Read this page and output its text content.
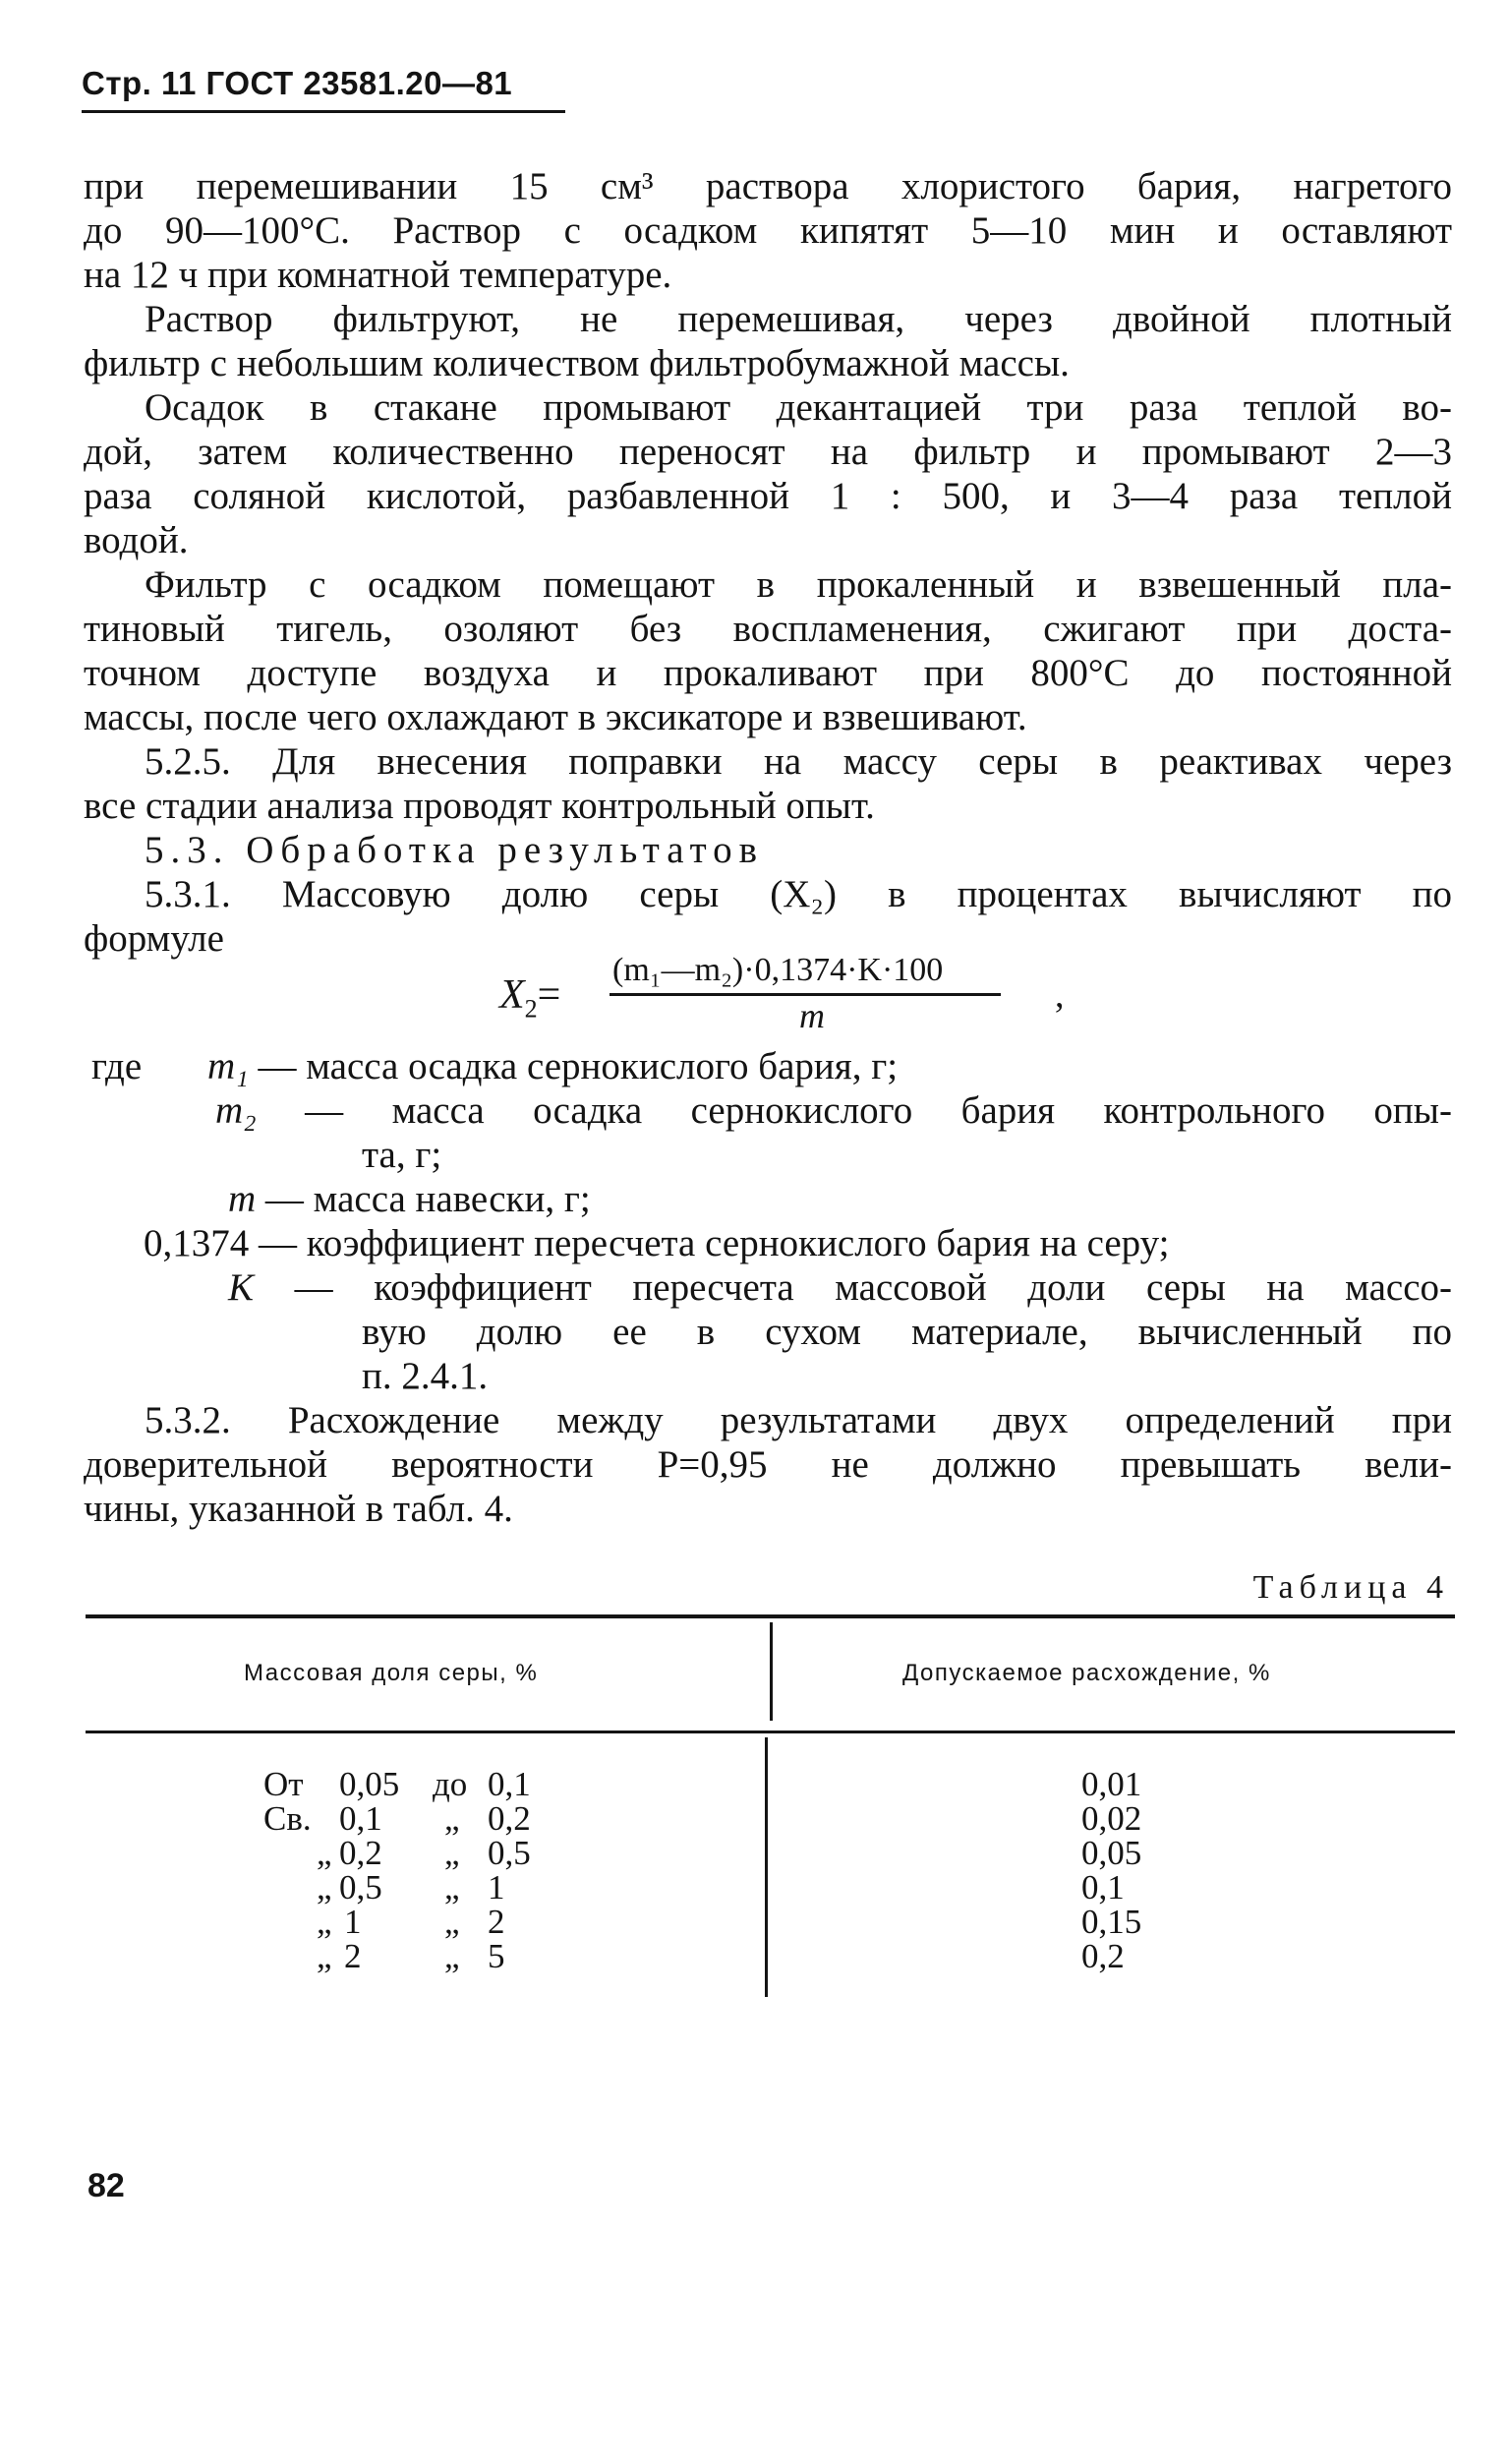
Стр. 11 ГОСТ 23581.20—81
при перемешивании 15 см³ раствора хлористого бария, нагретого
до 90—100°С. Раствор с осадком кипятят 5—10 мин и оставляют
на 12 ч при комнатной температуре.
Раствор фильтруют, не перемешивая, через двойной плотный
фильтр с небольшим количеством фильтробумажной массы.
Осадок в стакане промывают декантацией три раза теплой во-
дой, затем количественно переносят на фильтр и промывают 2—3
раза соляной кислотой, разбавленной 1 : 500, и 3—4 раза теплой
водой.
Фильтр с осадком помещают в прокаленный и взвешенный пла-
тиновый тигель, озоляют без воспламенения, сжигают при доста-
точном доступе воздуха и прокаливают при 800°С до постоянной
массы, после чего охлаждают в эксикаторе и взвешивают.
5.2.5. Для внесения поправки на массу серы в реактивах через
все стадии анализа проводят контрольный опыт.
5.3. Обработка результатов
5.3.1. Массовую долю серы (X₂) в процентах вычисляют по
формуле
$X_2=$
(m₁—m₂)·0,1374·K·100
m	,
где m₁ — масса осадка сернокислого бария, г;
m₂ — масса осадка сернокислого бария контрольного опы-
та, г;
m — масса навески, г;
0,1374 — коэффициент пересчета сернокислого бария на серу;
K — коэффициент пересчета массовой доли серы на массо-
вую долю ее в сухом материале, вычисленный по
п. 2.4.1.
5.3.2. Расхождение между результатами двух определений при
доверительной вероятности P=0,95 не должно превышать вели-
чины, указанной в табл. 4.
Таблица 4
Массовая доля серы, %	Допускаемое расхождение, %
От 0,05 до 0,1	0,01
Св. 0,1 „ 0,2	0,02
„ 0,2 „ 0,5	0,05
„ 0,5 „ 1	0,1
„ 1 „ 2	0,15
„ 2 „ 5	0,2
82
